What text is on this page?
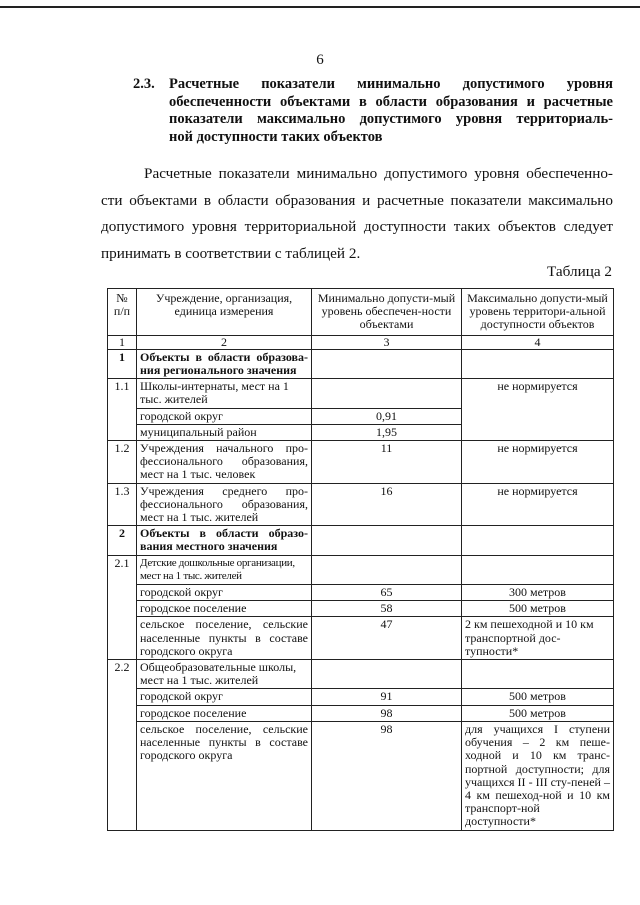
6
2.3. Расчетные показатели минимально допустимого уровня
обеспеченности объектами в области образования и расчетные
показатели максимально допустимого уровня территориаль-
ной доступности таких объектов
Расчетные показатели минимально допустимого уровня обеспеченно-
сти объектами в области образования и расчетные показатели максимально
допустимого уровня территориальной доступности таких объектов следует
принимать в соответствии с таблицей 2.
Таблица 2
№ п/п	Учреждение, организация, единица измерения	Минимально допусти-мый уровень обеспечен-ности объектами	Максимально допусти-мый уровень территори-альной доступности объектов
1	2	3	4
1	Объекты в области образова-ния регионального значения		
1.1	Школы-интернаты, мест на 1 тыс. жителей		не нормируется
	городской округ	0,91	
	муниципальный район	1,95	
1.2	Учреждения начального про-фессионального образования, мест на 1 тыс. человек	11	не нормируется
1.3	Учреждения среднего про-фессионального образования, мест на 1 тыс. жителей	16	не нормируется
2	Объекты в области образо-вания местного значения		
2.1	Детские дошкольные организации, мест на 1 тыс. жителей		
	городской округ	65	300 метров
	городское поселение	58	500 метров
	сельское поселение, сельские населенные пункты в составе городского округа	47	2 км пешеходной и 10 км транспортной дос-тупности*
2.2	Общеобразовательные школы, мест на 1 тыс. жителей		
	городской округ	91	500 метров
	городское поселение	98	500 метров
	сельское поселение, сельские населенные пункты в составе городского округа	98	для учащихся I ступени обучения – 2 км пеше-ходной и 10 км транс-портной доступности; для учащихся II - III сту-пеней – 4 км пешеход-ной и 10 км транспорт-ной доступности*
